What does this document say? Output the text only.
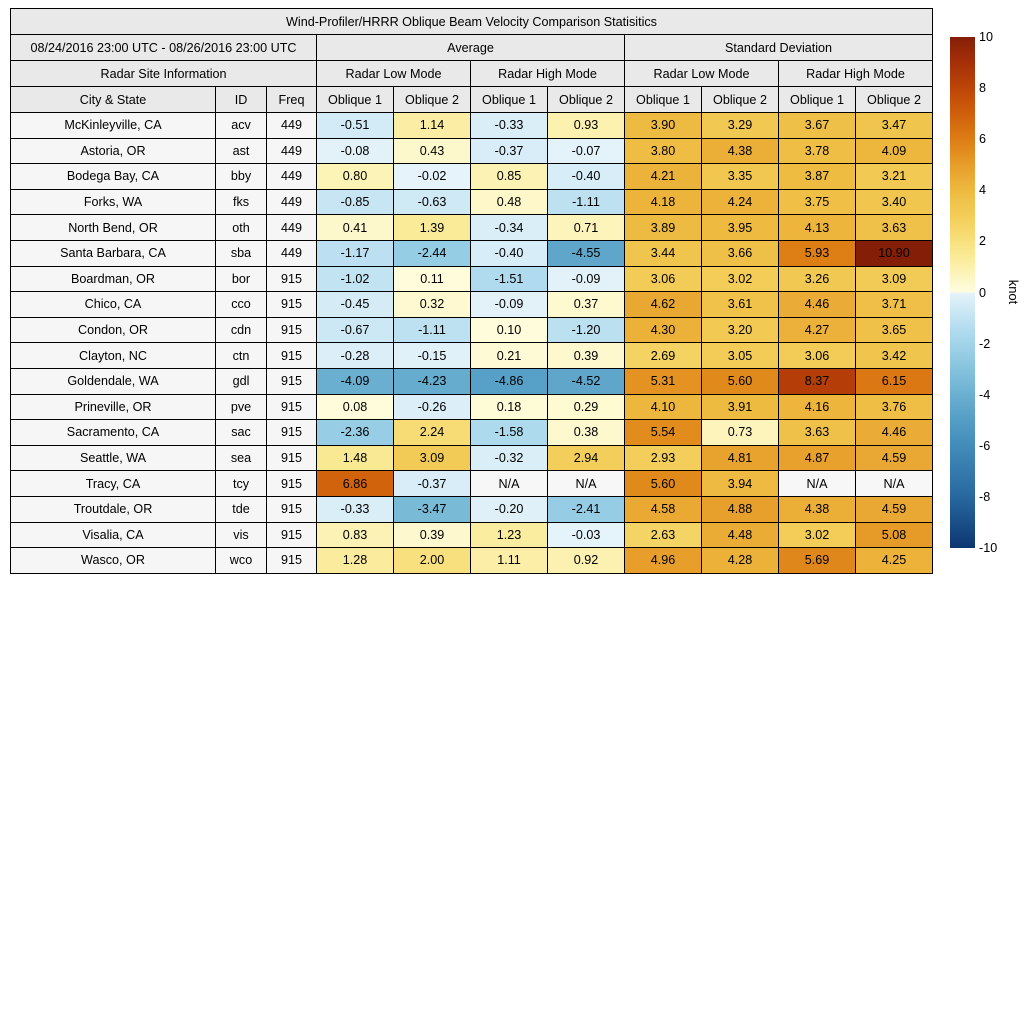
Wind-Profiler/HRRR Oblique Beam Velocity Comparison Statisitics										
08/24/2016 23:00 UTC - 08/26/2016 23:00 UTC			Average				Standard Deviation			
Radar Site Information			Radar Low Mode		Radar High Mode		Radar Low Mode		Radar High Mode	
City & State	ID	Freq	Oblique 1	Oblique 2	Oblique 1	Oblique 2	Oblique 1	Oblique 2	Oblique 1	Oblique 2
McKinleyville, CA	acv	449	-0.51	1.14	-0.33	0.93	3.90	3.29	3.67	3.47
Astoria, OR	ast	449	-0.08	0.43	-0.37	-0.07	3.80	4.38	3.78	4.09
Bodega Bay, CA	bby	449	0.80	-0.02	0.85	-0.40	4.21	3.35	3.87	3.21
Forks, WA	fks	449	-0.85	-0.63	0.48	-1.11	4.18	4.24	3.75	3.40
North Bend, OR	oth	449	0.41	1.39	-0.34	0.71	3.89	3.95	4.13	3.63
Santa Barbara, CA	sba	449	-1.17	-2.44	-0.40	-4.55	3.44	3.66	5.93	10.90
Boardman, OR	bor	915	-1.02	0.11	-1.51	-0.09	3.06	3.02	3.26	3.09
Chico, CA	cco	915	-0.45	0.32	-0.09	0.37	4.62	3.61	4.46	3.71
Condon, OR	cdn	915	-0.67	-1.11	0.10	-1.20	4.30	3.20	4.27	3.65
Clayton, NC	ctn	915	-0.28	-0.15	0.21	0.39	2.69	3.05	3.06	3.42
Goldendale, WA	gdl	915	-4.09	-4.23	-4.86	-4.52	5.31	5.60	8.37	6.15
Prineville, OR	pve	915	0.08	-0.26	0.18	0.29	4.10	3.91	4.16	3.76
Sacramento, CA	sac	915	-2.36	2.24	-1.58	0.38	5.54	0.73	3.63	4.46
Seattle, WA	sea	915	1.48	3.09	-0.32	2.94	2.93	4.81	4.87	4.59
Tracy, CA	tcy	915	6.86	-0.37	N/A	N/A	5.60	3.94	N/A	N/A
Troutdale, OR	tde	915	-0.33	-3.47	-0.20	-2.41	4.58	4.88	4.38	4.59
Visalia, CA	vis	915	0.83	0.39	1.23	-0.03	2.63	4.48	3.02	5.08
Wasco, OR	wco	915	1.28	2.00	1.11	0.92	4.96	4.28	5.69	4.25
10
8
6
4
2
0
-2
-4
-6
-8
-10
knot
